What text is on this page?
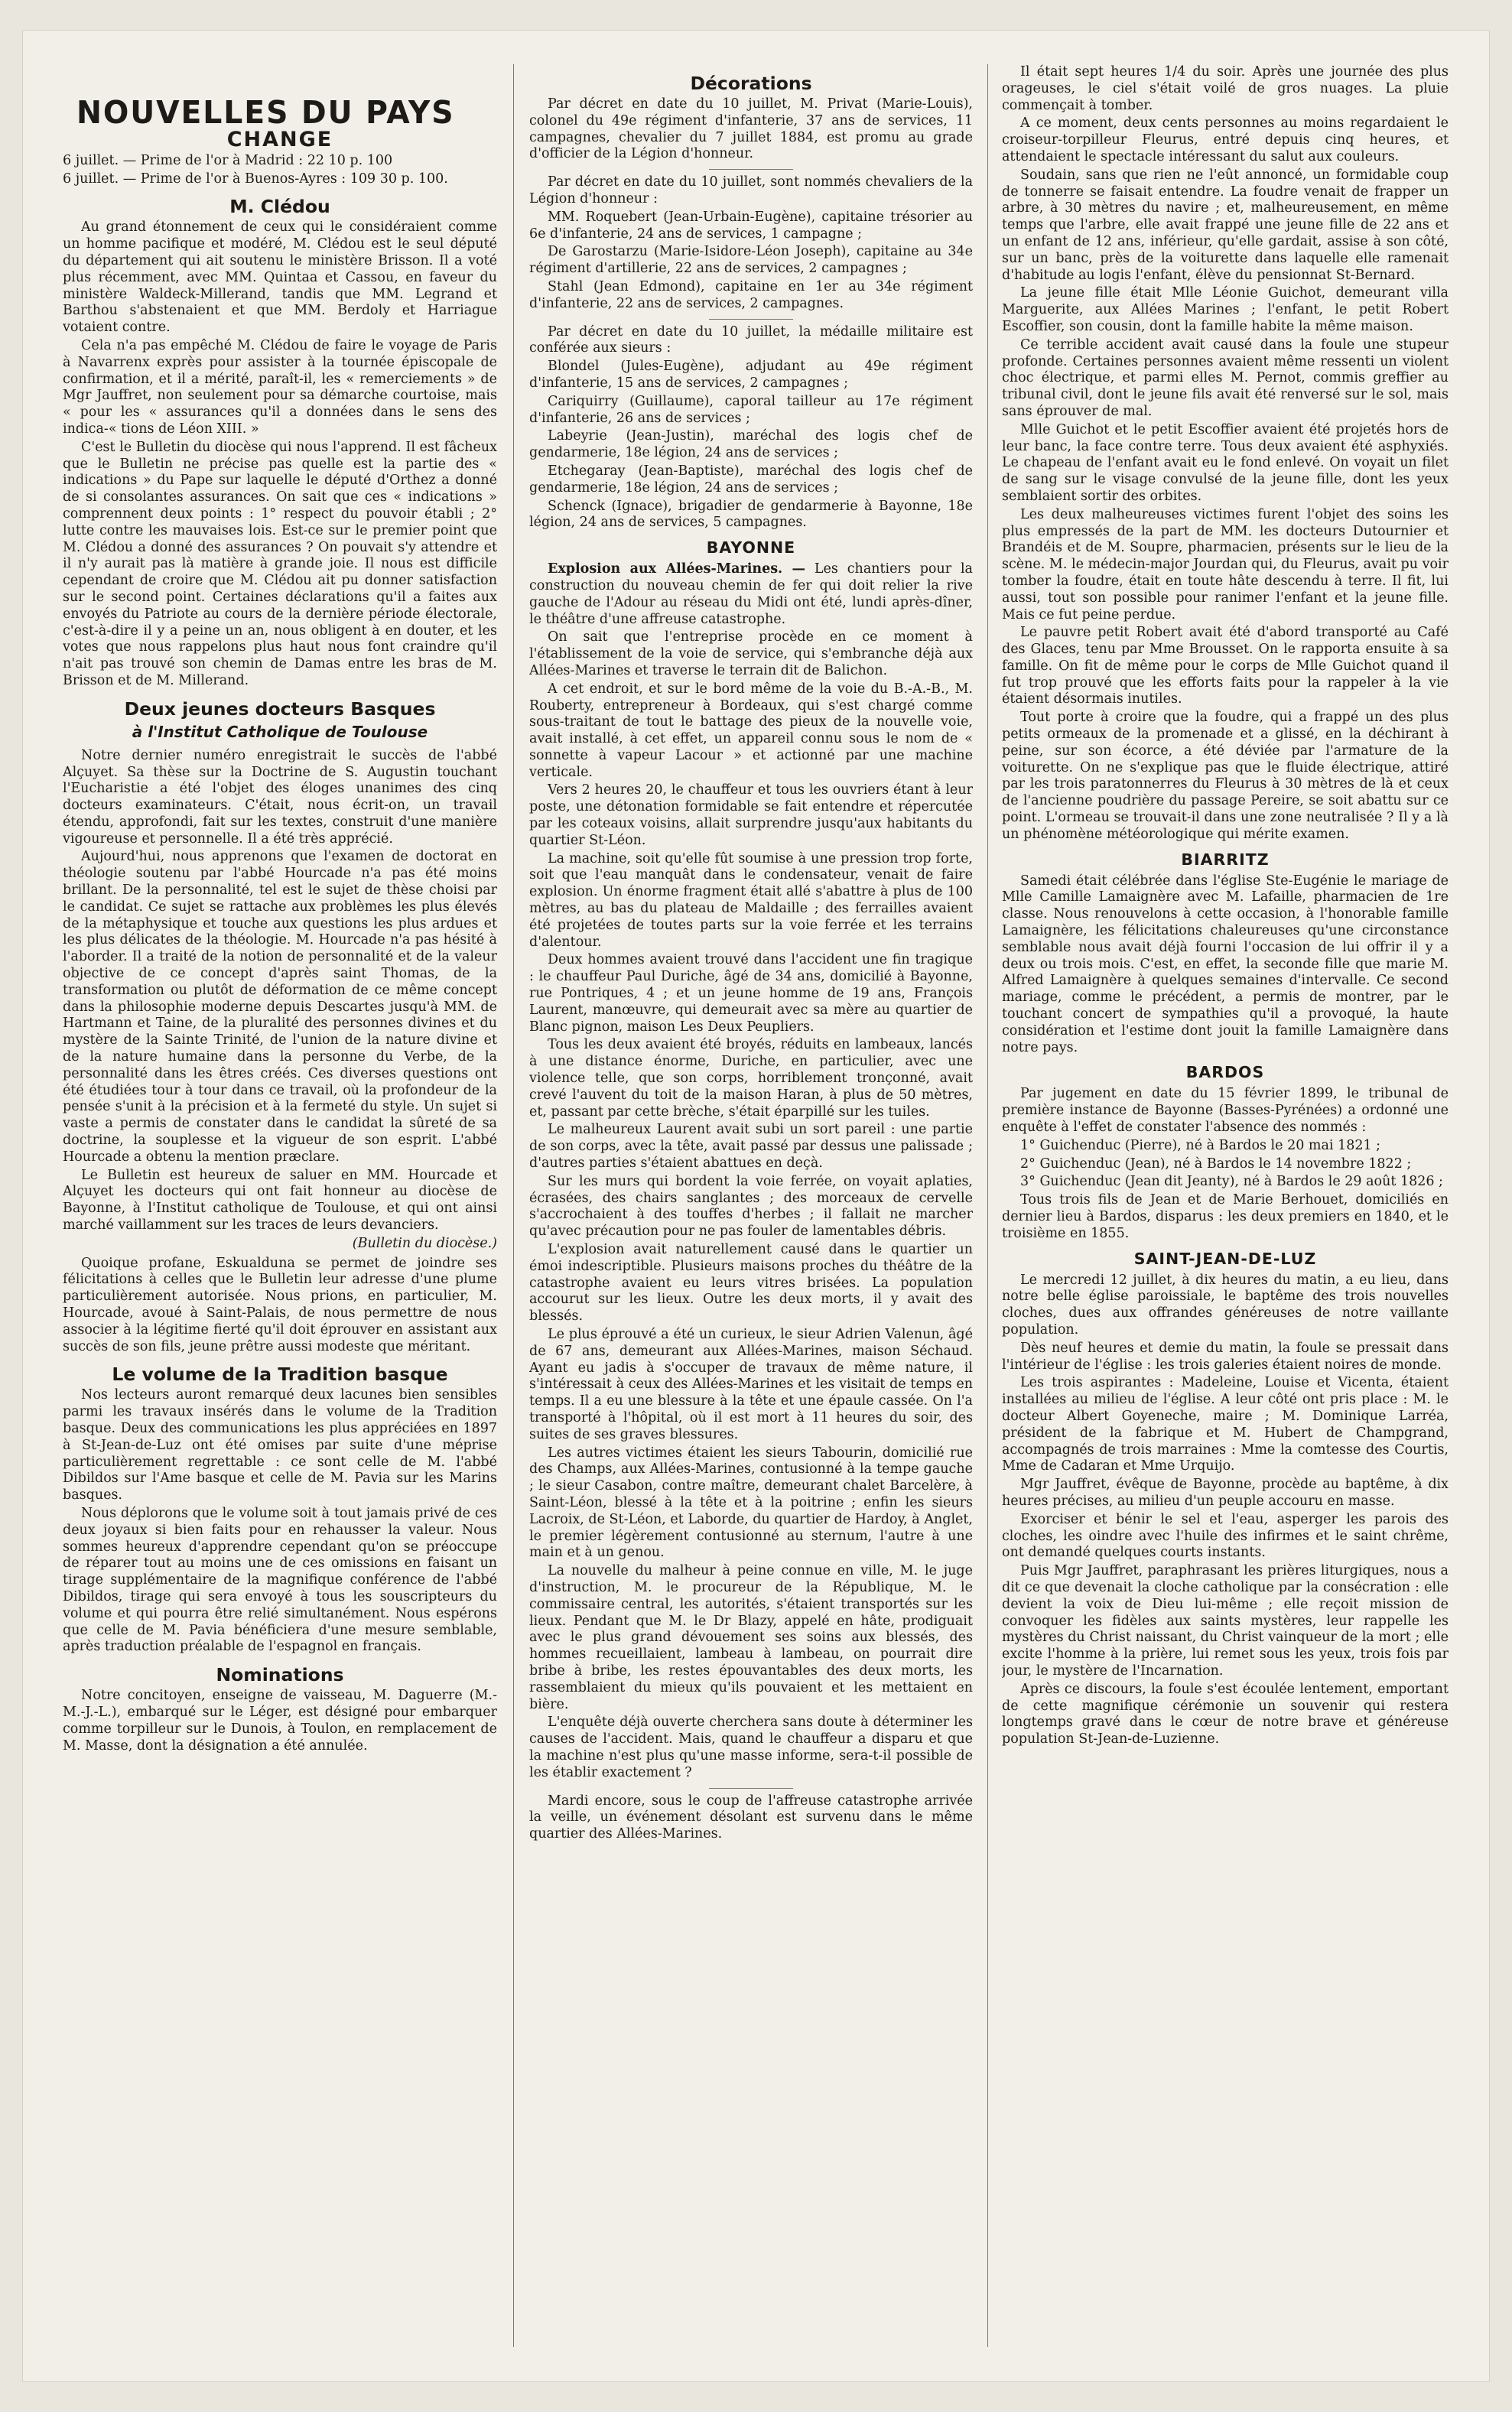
NOUVELLES DU PAYS
CHANGE

6 juillet. — Prime de l'or à Madrid : 22 10 p. 100

6 juillet. — Prime de l'or à Buenos-Ayres : 109 30 p. 100.

M. Clédou

Au grand étonnement de ceux qui le considéraient comme un homme pacifique et modéré, M. Clédou est le seul député du département qui ait soutenu le ministère Brisson. Il a voté plus récemment, avec MM. Quintaa et Cassou, en faveur du ministère Waldeck-Millerand, tandis que MM. Legrand et Barthou s'abstenaient et que MM. Berdoly et Harriague votaient contre.

Cela n'a pas empêché M. Clédou de faire le voyage de Paris à Navarrenx exprès pour assister à la tournée épiscopale de confirmation, et il a mérité, paraît-il, les « remerciements » de Mgr Jauffret, non seulement pour sa démarche courtoise, mais « pour les « assurances qu'il a données dans le sens des indica-« tions de Léon XIII. »

C'est le Bulletin du diocèse qui nous l'apprend. Il est fâcheux que le Bulletin ne précise pas quelle est la partie des « indications » du Pape sur laquelle le député d'Orthez a donné de si consolantes assurances. On sait que ces « indications » comprennent deux points : 1° respect du pouvoir établi ; 2° lutte contre les mauvaises lois. Est-ce sur le premier point que M. Clédou a donné des assurances ? On pouvait s'y attendre et il n'y aurait pas là matière à grande joie. Il nous est difficile cependant de croire que M. Clédou ait pu donner satisfaction sur le second point. Certaines déclarations qu'il a faites aux envoyés du Patriote au cours de la dernière période électorale, c'est-à-dire il y a peine un an, nous obligent à en douter, et les votes que nous rappelons plus haut nous font craindre qu'il n'ait pas trouvé son chemin de Damas entre les bras de M. Brisson et de M. Millerand.

Deux jeunes docteurs Basques
à l'Institut Catholique de Toulouse

Notre dernier numéro enregistrait le succès de l'abbé Alçuyet. Sa thèse sur la Doctrine de S. Augustin touchant l'Eucharistie a été l'objet des éloges unanimes des cinq docteurs examinateurs. C'était, nous écrit-on, un travail étendu, approfondi, fait sur les textes, construit d'une manière vigoureuse et personnelle. Il a été très apprécié.

Aujourd'hui, nous apprenons que l'examen de doctorat en théologie soutenu par l'abbé Hourcade n'a pas été moins brillant. De la personnalité, tel est le sujet de thèse choisi par le candidat. Ce sujet se rattache aux problèmes les plus élevés de la métaphysique et touche aux questions les plus ardues et les plus délicates de la théologie. M. Hourcade n'a pas hésité à l'aborder. Il a traité de la notion de personnalité et de la valeur objective de ce concept d'après saint Thomas, de la transformation ou plutôt de déformation de ce même concept dans la philosophie moderne depuis Descartes jusqu'à MM. de Hartmann et Taine, de la pluralité des personnes divines et du mystère de la Sainte Trinité, de l'union de la nature divine et de la nature humaine dans la personne du Verbe, de la personnalité dans les êtres créés. Ces diverses questions ont été étudiées tour à tour dans ce travail, où la profondeur de la pensée s'unit à la précision et à la fermeté du style. Un sujet si vaste a permis de constater dans le candidat la sûreté de sa doctrine, la souplesse et la vigueur de son esprit. L'abbé Hourcade a obtenu la mention præclare.

Le Bulletin est heureux de saluer en MM. Hourcade et Alçuyet les docteurs qui ont fait honneur au diocèse de Bayonne, à l'Institut catholique de Toulouse, et qui ont ainsi marché vaillamment sur les traces de leurs devanciers.

(Bulletin du diocèse.)

Quoique profane, Eskualduna se permet de joindre ses félicitations à celles que le Bulletin leur adresse d'une plume particulièrement autorisée. Nous prions, en particulier, M. Hourcade, avoué à Saint-Palais, de nous permettre de nous associer à la légitime fierté qu'il doit éprouver en assistant aux succès de son fils, jeune prêtre aussi modeste que méritant.

Le volume de la Tradition basque

Nos lecteurs auront remarqué deux lacunes bien sensibles parmi les travaux insérés dans le volume de la Tradition basque. Deux des communications les plus appréciées en 1897 à St-Jean-de-Luz ont été omises par suite d'une méprise particulièrement regrettable : ce sont celle de M. l'abbé Dibildos sur l'Ame basque et celle de M. Pavia sur les Marins basques.

Nous déplorons que le volume soit à tout jamais privé de ces deux joyaux si bien faits pour en rehausser la valeur. Nous sommes heureux d'apprendre cependant qu'on se préoccupe de réparer tout au moins une de ces omissions en faisant un tirage supplémentaire de la magnifique conférence de l'abbé Dibildos, tirage qui sera envoyé à tous les souscripteurs du volume et qui pourra être relié simultanément. Nous espérons que celle de M. Pavia bénéficiera d'une mesure semblable, après traduction préalable de l'espagnol en français.

Nominations

Notre concitoyen, enseigne de vaisseau, M. Daguerre (M.-M.-J.-L.), embarqué sur le Léger, est désigné pour embarquer comme torpilleur sur le Dunois, à Toulon, en remplacement de M. Masse, dont la désignation a été annulée.

Décorations

Par décret en date du 10 juillet, M. Privat (Marie-Louis), colonel du 49e régiment d'infanterie, 37 ans de services, 11 campagnes, chevalier du 7 juillet 1884, est promu au grade d'officier de la Légion d'honneur.

Par décret en date du 10 juillet, sont nommés chevaliers de la Légion d'honneur :

MM. Roquebert (Jean-Urbain-Eugène), capitaine trésorier au 6e d'infanterie, 24 ans de services, 1 campagne ;

De Garostarzu (Marie-Isidore-Léon Joseph), capitaine au 34e régiment d'artillerie, 22 ans de services, 2 campagnes ;

Stahl (Jean Edmond), capitaine en 1er au 34e régiment d'infanterie, 22 ans de services, 2 campagnes.

Par décret en date du 10 juillet, la médaille militaire est conférée aux sieurs :

Blondel (Jules-Eugène), adjudant au 49e régiment d'infanterie, 15 ans de services, 2 campagnes ;

Cariquirry (Guillaume), caporal tailleur au 17e régiment d'infanterie, 26 ans de services ;

Labeyrie (Jean-Justin), maréchal des logis chef de gendarmerie, 18e légion, 24 ans de services ;

Etchegaray (Jean-Baptiste), maréchal des logis chef de gendarmerie, 18e légion, 24 ans de services ;

Schenck (Ignace), brigadier de gendarmerie à Bayonne, 18e légion, 24 ans de services, 5 campagnes.

BAYONNE

Explosion aux Allées-Marines. — Les chantiers pour la construction du nouveau chemin de fer qui doit relier la rive gauche de l'Adour au réseau du Midi ont été, lundi après-dîner, le théâtre d'une affreuse catastrophe.

On sait que l'entreprise procède en ce moment à l'établissement de la voie de service, qui s'embranche déjà aux Allées-Marines et traverse le terrain dit de Balichon.

A cet endroit, et sur le bord même de la voie du B.-A.-B., M. Rouberty, entrepreneur à Bordeaux, qui s'est chargé comme sous-traitant de tout le battage des pieux de la nouvelle voie, avait installé, à cet effet, un appareil connu sous le nom de « sonnette à vapeur Lacour » et actionné par une machine verticale.

Vers 2 heures 20, le chauffeur et tous les ouvriers étant à leur poste, une détonation formidable se fait entendre et répercutée par les coteaux voisins, allait surprendre jusqu'aux habitants du quartier St-Léon.

La machine, soit qu'elle fût soumise à une pression trop forte, soit que l'eau manquât dans le condensateur, venait de faire explosion. Un énorme fragment était allé s'abattre à plus de 100 mètres, au bas du plateau de Maldaille ; des ferrailles avaient été projetées de toutes parts sur la voie ferrée et les terrains d'alentour.

Deux hommes avaient trouvé dans l'accident une fin tragique : le chauffeur Paul Duriche, âgé de 34 ans, domicilié à Bayonne, rue Pontriques, 4 ; et un jeune homme de 19 ans, François Laurent, manœuvre, qui demeurait avec sa mère au quartier de Blanc pignon, maison Les Deux Peupliers.

Tous les deux avaient été broyés, réduits en lambeaux, lancés à une distance énorme, Duriche, en particulier, avec une violence telle, que son corps, horriblement tronçonné, avait crevé l'auvent du toit de la maison Haran, à plus de 50 mètres, et, passant par cette brèche, s'était éparpillé sur les tuiles.

Le malheureux Laurent avait subi un sort pareil : une partie de son corps, avec la tête, avait passé par dessus une palissade ; d'autres parties s'étaient abattues en deçà.

Sur les murs qui bordent la voie ferrée, on voyait aplaties, écrasées, des chairs sanglantes ; des morceaux de cervelle s'accrochaient à des touffes d'herbes ; il fallait ne marcher qu'avec précaution pour ne pas fouler de lamentables débris.

L'explosion avait naturellement causé dans le quartier un émoi indescriptible. Plusieurs maisons proches du théâtre de la catastrophe avaient eu leurs vitres brisées. La population accourut sur les lieux. Outre les deux morts, il y avait des blessés.

Le plus éprouvé a été un curieux, le sieur Adrien Valenun, âgé de 67 ans, demeurant aux Allées-Marines, maison Séchaud. Ayant eu jadis à s'occuper de travaux de même nature, il s'intéressait à ceux des Allées-Marines et les visitait de temps en temps. Il a eu une blessure à la tête et une épaule cassée. On l'a transporté à l'hôpital, où il est mort à 11 heures du soir, des suites de ses graves blessures.

Les autres victimes étaient les sieurs Tabourin, domicilié rue des Champs, aux Allées-Marines, contusionné à la tempe gauche ; le sieur Casabon, contre maître, demeurant chalet Barcelère, à Saint-Léon, blessé à la tête et à la poitrine ; enfin les sieurs Lacroix, de St-Léon, et Laborde, du quartier de Hardoy, à Anglet, le premier légèrement contusionné au sternum, l'autre à une main et à un genou.

La nouvelle du malheur à peine connue en ville, M. le juge d'instruction, M. le procureur de la République, M. le commissaire central, les autorités, s'étaient transportés sur les lieux. Pendant que M. le Dr Blazy, appelé en hâte, prodiguait avec le plus grand dévouement ses soins aux blessés, des hommes recueillaient, lambeau à lambeau, on pourrait dire bribe à bribe, les restes épouvantables des deux morts, les rassemblaient du mieux qu'ils pouvaient et les mettaient en bière.

L'enquête déjà ouverte cherchera sans doute à déterminer les causes de l'accident. Mais, quand le chauffeur a disparu et que la machine n'est plus qu'une masse informe, sera-t-il possible de les établir exactement ?

Mardi encore, sous le coup de l'affreuse catastrophe arrivée la veille, un événement désolant est survenu dans le même quartier des Allées-Marines.

Il était sept heures 1/4 du soir. Après une journée des plus orageuses, le ciel s'était voilé de gros nuages. La pluie commençait à tomber.

A ce moment, deux cents personnes au moins regardaient le croiseur-torpilleur Fleurus, entré depuis cinq heures, et attendaient le spectacle intéressant du salut aux couleurs.

Soudain, sans que rien ne l'eût annoncé, un formidable coup de tonnerre se faisait entendre. La foudre venait de frapper un arbre, à 30 mètres du navire ; et, malheureusement, en même temps que l'arbre, elle avait frappé une jeune fille de 22 ans et un enfant de 12 ans, inférieur, qu'elle gardait, assise à son côté, sur un banc, près de la voiturette dans laquelle elle ramenait d'habitude au logis l'enfant, élève du pensionnat St-Bernard.

La jeune fille était Mlle Léonie Guichot, demeurant villa Marguerite, aux Allées Marines ; l'enfant, le petit Robert Escoffier, son cousin, dont la famille habite la même maison.

Ce terrible accident avait causé dans la foule une stupeur profonde. Certaines personnes avaient même ressenti un violent choc électrique, et parmi elles M. Pernot, commis greffier au tribunal civil, dont le jeune fils avait été renversé sur le sol, mais sans éprouver de mal.

Mlle Guichot et le petit Escoffier avaient été projetés hors de leur banc, la face contre terre. Tous deux avaient été asphyxiés. Le chapeau de l'enfant avait eu le fond enlevé. On voyait un filet de sang sur le visage convulsé de la jeune fille, dont les yeux semblaient sortir des orbites.

Les deux malheureuses victimes furent l'objet des soins les plus empressés de la part de MM. les docteurs Dutournier et Brandéis et de M. Soupre, pharmacien, présents sur le lieu de la scène. M. le médecin-major Jourdan qui, du Fleurus, avait pu voir tomber la foudre, était en toute hâte descendu à terre. Il fit, lui aussi, tout son possible pour ranimer l'enfant et la jeune fille. Mais ce fut peine perdue.

Le pauvre petit Robert avait été d'abord transporté au Café des Glaces, tenu par Mme Brousset. On le rapporta ensuite à sa famille. On fit de même pour le corps de Mlle Guichot quand il fut trop prouvé que les efforts faits pour la rappeler à la vie étaient désormais inutiles.

Tout porte à croire que la foudre, qui a frappé un des plus petits ormeaux de la promenade et a glissé, en la déchirant à peine, sur son écorce, a été déviée par l'armature de la voiturette. On ne s'explique pas que le fluide électrique, attiré par les trois paratonnerres du Fleurus à 30 mètres de là et ceux de l'ancienne poudrière du passage Pereire, se soit abattu sur ce point. L'ormeau se trouvait-il dans une zone neutralisée ? Il y a là un phénomène météorologique qui mérite examen.

BIARRITZ

Samedi était célébrée dans l'église Ste-Eugénie le mariage de Mlle Camille Lamaignère avec M. Lafaille, pharmacien de 1re classe. Nous renouvelons à cette occasion, à l'honorable famille Lamaignère, les félicitations chaleureuses qu'une circonstance semblable nous avait déjà fourni l'occasion de lui offrir il y a deux ou trois mois. C'est, en effet, la seconde fille que marie M. Alfred Lamaignère à quelques semaines d'intervalle. Ce second mariage, comme le précédent, a permis de montrer, par le touchant concert de sympathies qu'il a provoqué, la haute considération et l'estime dont jouit la famille Lamaignère dans notre pays.

BARDOS

Par jugement en date du 15 février 1899, le tribunal de première instance de Bayonne (Basses-Pyrénées) a ordonné une enquête à l'effet de constater l'absence des nommés :

1° Guichenduc (Pierre), né à Bardos le 20 mai 1821 ;

2° Guichenduc (Jean), né à Bardos le 14 novembre 1822 ;

3° Guichenduc (Jean dit Jeanty), né à Bardos le 29 août 1826 ;

Tous trois fils de Jean et de Marie Berhouet, domiciliés en dernier lieu à Bardos, disparus : les deux premiers en 1840, et le troisième en 1855.

SAINT-JEAN-DE-LUZ

Le mercredi 12 juillet, à dix heures du matin, a eu lieu, dans notre belle église paroissiale, le baptême des trois nouvelles cloches, dues aux offrandes généreuses de notre vaillante population.

Dès neuf heures et demie du matin, la foule se pressait dans l'intérieur de l'église : les trois galeries étaient noires de monde.

Les trois aspirantes : Madeleine, Louise et Vicenta, étaient installées au milieu de l'église. A leur côté ont pris place : M. le docteur Albert Goyeneche, maire ; M. Dominique Larréa, président de la fabrique et M. Hubert de Champgrand, accompagnés de trois marraines : Mme la comtesse des Courtis, Mme de Cadaran et Mme Urquijo.

Mgr Jauffret, évêque de Bayonne, procède au baptême, à dix heures précises, au milieu d'un peuple accouru en masse.

Exorciser et bénir le sel et l'eau, asperger les parois des cloches, les oindre avec l'huile des infirmes et le saint chrême, ont demandé quelques courts instants.

Puis Mgr Jauffret, paraphrasant les prières liturgiques, nous a dit ce que devenait la cloche catholique par la consécration : elle devient la voix de Dieu lui-même ; elle reçoit mission de convoquer les fidèles aux saints mystères, leur rappelle les mystères du Christ naissant, du Christ vainqueur de la mort ; elle excite l'homme à la prière, lui remet sous les yeux, trois fois par jour, le mystère de l'Incarnation.

Après ce discours, la foule s'est écoulée lentement, emportant de cette magnifique cérémonie un souvenir qui restera longtemps gravé dans le cœur de notre brave et généreuse population St-Jean-de-Luzienne.
